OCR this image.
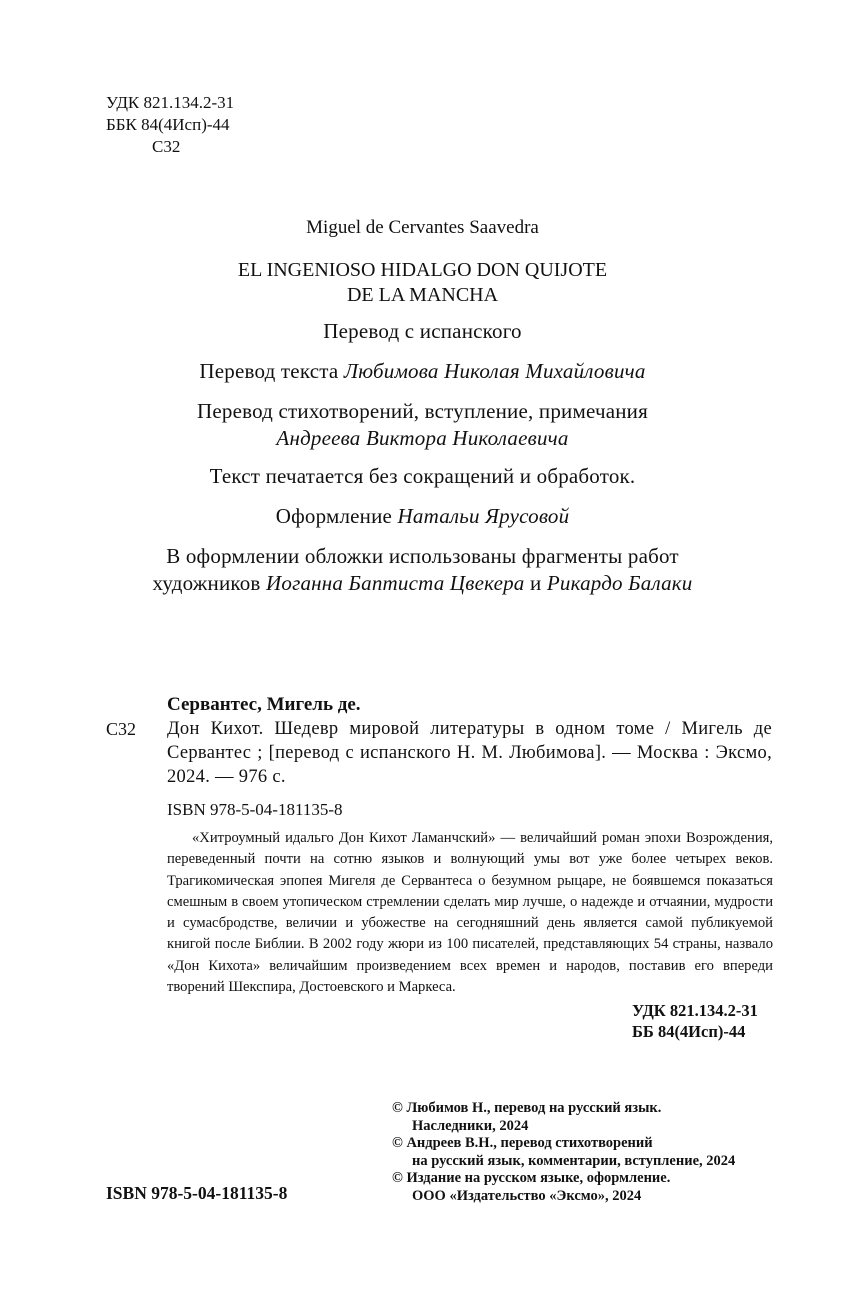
УДК 821.134.2-31
ББК 84(4Исп)-44
С32
Miguel de Cervantes Saavedra
EL INGENIOSO HIDALGO DON QUIJOTE
DE LA MANCHA
Перевод с испанского
Перевод текста Любимова Николая Михайловича
Перевод стихотворений, вступление, примечания
Андреева Виктора Николаевича
Текст печатается без сокращений и обработок.
Оформление Натальи Ярусовой
В оформлении обложки использованы фрагменты работ
художников Иоганна Баптиста Цвекера и Рикардо Балаки
Сервантес, Мигель де.
С32	Дон Кихот. Шедевр мировой литературы в одном томе / Мигель де Сервантес ; [перевод с испанского Н. М. Любимова]. — Москва : Эксмо, 2024. — 976 с.
ISBN 978-5-04-181135-8
«Хитроумный идальго Дон Кихот Ламанчский» — величайший роман эпохи Возрождения, переведенный почти на сотню языков и волнующий умы вот уже более четырех веков. Трагикомическая эпопея Мигеля де Сервантеса о безумном рыцаре, не боявшемся показаться смешным в своем утопическом стремлении сделать мир лучше, о надежде и отчаянии, мудрости и сумасбродстве, величии и убожестве на сегодняшний день является самой публикуемой книгой после Библии. В 2002 году жюри из 100 писателей, представляющих 54 страны, назвало «Дон Кихота» величайшим произведением всех времен и народов, поставив его впереди творений Шекспира, Достоевского и Маркеса.
УДК 821.134.2-31
ББ 84(4Исп)-44
© Любимов Н., перевод на русский язык.
Наследники, 2024
© Андреев В.Н., перевод стихотворений
на русский язык, комментарии, вступление, 2024
© Издание на русском языке, оформление.
ООО «Издательство «Эксмо», 2024
ISBN 978-5-04-181135-8
